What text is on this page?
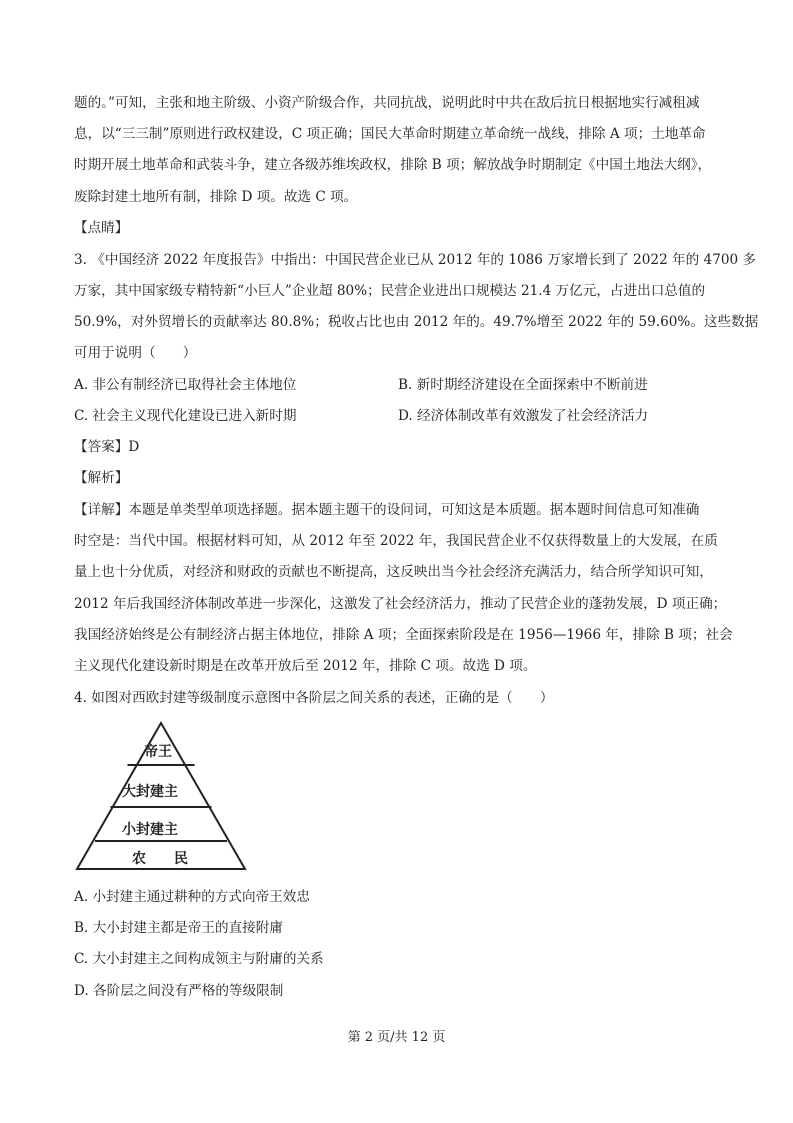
题的。”可知，主张和地主阶级、小资产阶级合作，共同抗战，说明此时中共在敌后抗日根据地实行减租减
息，以“三三制”原则进行政权建设，C 项正确；国民大革命时期建立革命统一战线，排除 A 项；土地革命
时期开展土地革命和武装斗争，建立各级苏维埃政权，排除 B 项；解放战争时期制定《中国土地法大纲》，
废除封建土地所有制，排除 D 项。故选 C 项。
【点睛】
3. 《中国经济 2022 年度报告》中指出：中国民营企业已从 2012 年的 1086 万家增长到了 2022 年的 4700 多
万家，其中国家级专精特新“小巨人”企业超 80%；民营企业进出口规模达 21.4 万亿元，占进出口总值的
50.9%，对外贸增长的贡献率达 80.8%；税收占比也由 2012 年的。49.7%增至 2022 年的 59.60%。这些数据
可用于说明（　　）
A. 非公有制经济已取得社会主体地位	B. 新时期经济建设在全面探索中不断前进
C. 社会主义现代化建设已进入新时期	D. 经济体制改革有效激发了社会经济活力
【答案】D
【解析】
【详解】本题是单类型单项选择题。据本题主题干的设问词，可知这是本质题。据本题时间信息可知准确
时空是：当代中国。根据材料可知，从 2012 年至 2022 年，我国民营企业不仅获得数量上的大发展，在质
量上也十分优质，对经济和财政的贡献也不断提高，这反映出当今社会经济充满活力，结合所学知识可知，
2012 年后我国经济体制改革进一步深化，这激发了社会经济活力，推动了民营企业的蓬勃发展，D 项正确；
我国经济始终是公有制经济占据主体地位，排除 A 项；全面探索阶段是在 1956—1966 年，排除 B 项；社会
主义现代化建设新时期是在改革开放后至 2012 年，排除 C 项。故选 D 项。
4. 如图对西欧封建等级制度示意图中各阶层之间关系的表述，正确的是（　　）
帝王
大封建主
小封建主
农　　民
A. 小封建主通过耕种的方式向帝王效忠
B. 大小封建主都是帝王的直接附庸
C. 大小封建主之间构成领主与附庸的关系
D. 各阶层之间没有严格的等级限制
第 2 页/共 12 页
